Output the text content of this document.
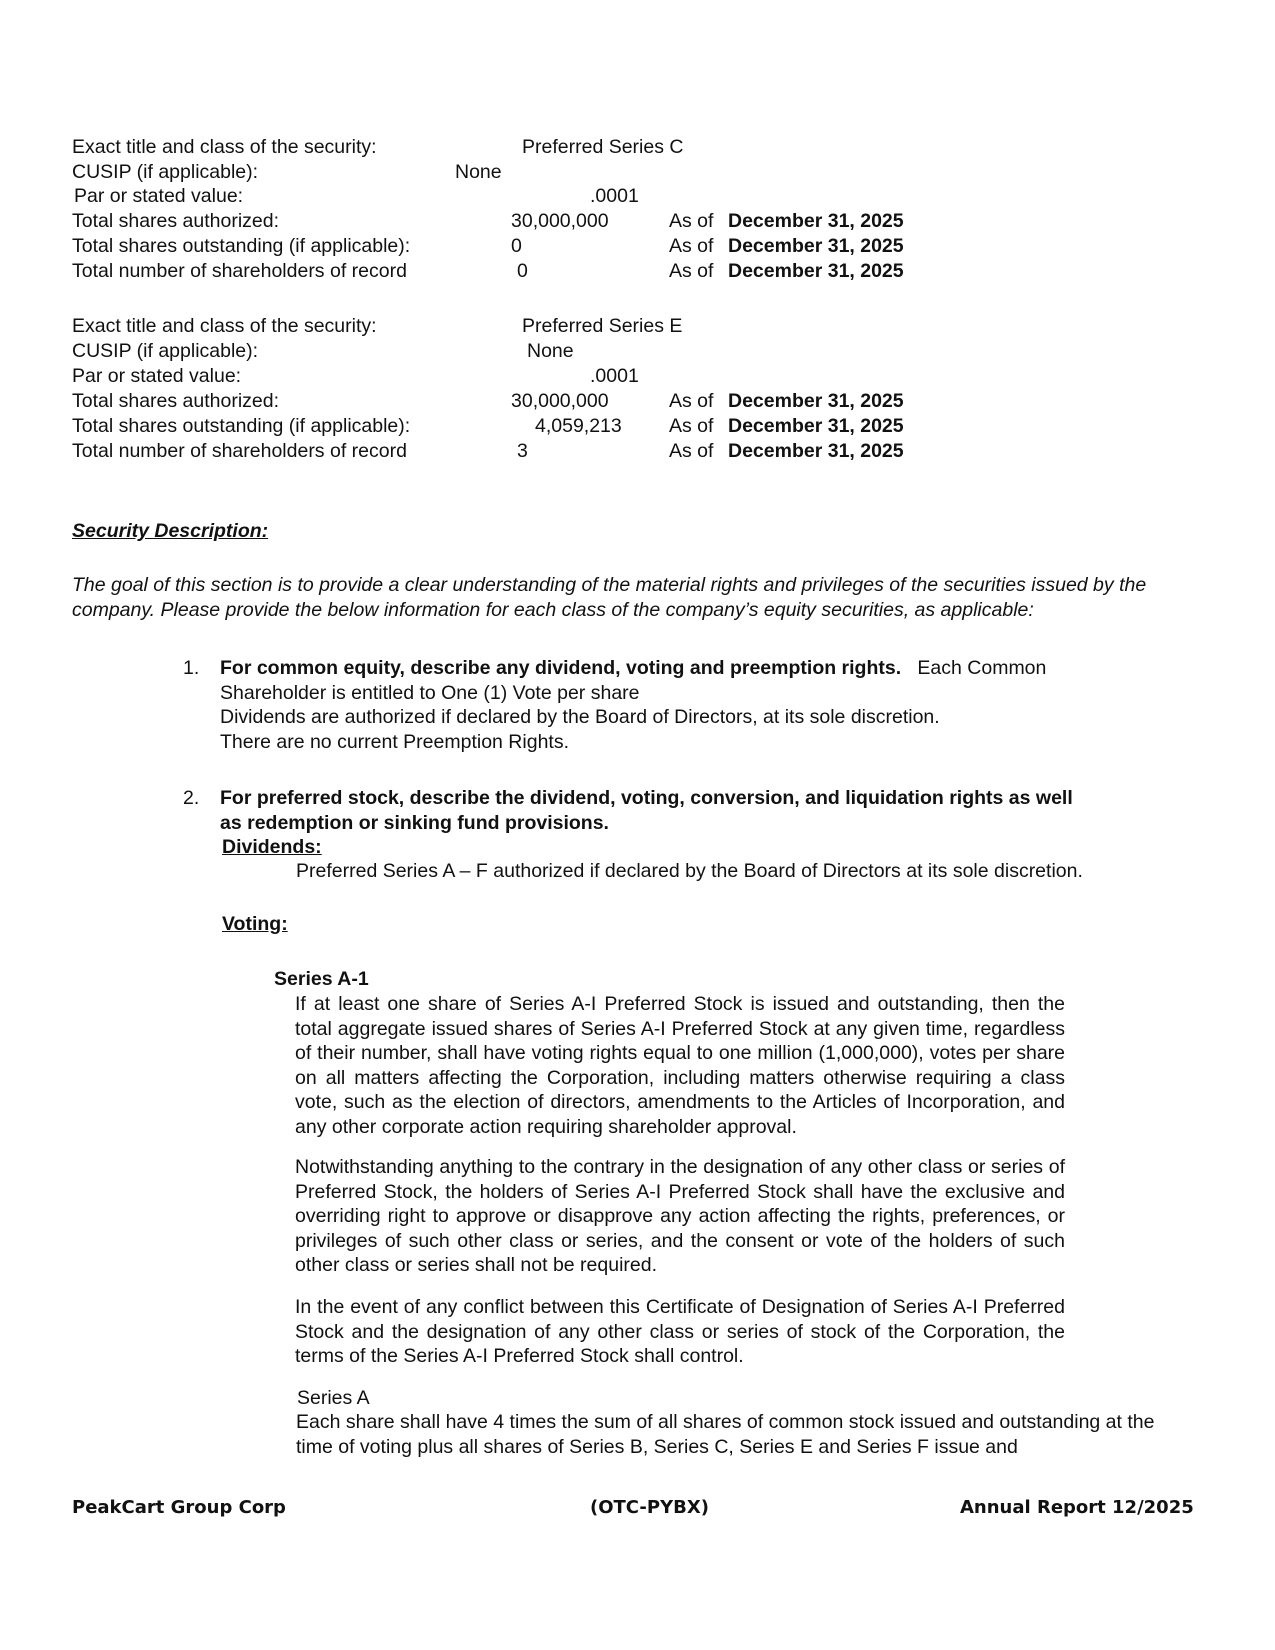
Exact title and class of the security:	Preferred Series C
CUSIP (if applicable):	None
Par or stated value:	.0001
Total shares authorized:	30,000,000	As of December 31, 2025
Total shares outstanding (if applicable):	0	As of December 31, 2025
Total number of shareholders of record	0	As of December 31, 2025
Exact title and class of the security:	Preferred Series E
CUSIP (if applicable):	None
Par or stated value:	.0001
Total shares authorized:	30,000,000	As of December 31, 2025
Total shares outstanding (if applicable):	4,059,213 As of December 31, 2025
Total number of shareholders of record	3	As of December 31, 2025
Security Description:
The goal of this section is to provide a clear understanding of the material rights and privileges of the securities issued by the company. Please provide the below information for each class of the company’s equity securities, as applicable:
1. For common equity, describe any dividend, voting and preemption rights. Each Common Shareholder is entitled to One (1) Vote per share
Dividends are authorized if declared by the Board of Directors, at its sole discretion.
There are no current Preemption Rights.
2. For preferred stock, describe the dividend, voting, conversion, and liquidation rights as well as redemption or sinking fund provisions.
Dividends:
Preferred Series A – F authorized if declared by the Board of Directors at its sole discretion.
Voting:
Series A-1
If at least one share of Series A-I Preferred Stock is issued and outstanding, then the total aggregate issued shares of Series A-I Preferred Stock at any given time, regardless of their number, shall have voting rights equal to one million (1,000,000), votes per share on all matters affecting the Corporation, including matters otherwise requiring a class vote, such as the election of directors, amendments to the Articles of Incorporation, and any other corporate action requiring shareholder approval.
Notwithstanding anything to the contrary in the designation of any other class or series of Preferred Stock, the holders of Series A-I Preferred Stock shall have the exclusive and overriding right to approve or disapprove any action affecting the rights, preferences, or privileges of such other class or series, and the consent or vote of the holders of such other class or series shall not be required.
In the event of any conflict between this Certificate of Designation of Series A-I Preferred Stock and the designation of any other class or series of stock of the Corporation, the terms of the Series A-I Preferred Stock shall control.
Series A
Each share shall have 4 times the sum of all shares of common stock issued and outstanding at the time of voting plus all shares of Series B, Series C, Series E and Series F issue and
PeakCart Group Corp	(OTC-PYBX)	Annual Report 12/2025
